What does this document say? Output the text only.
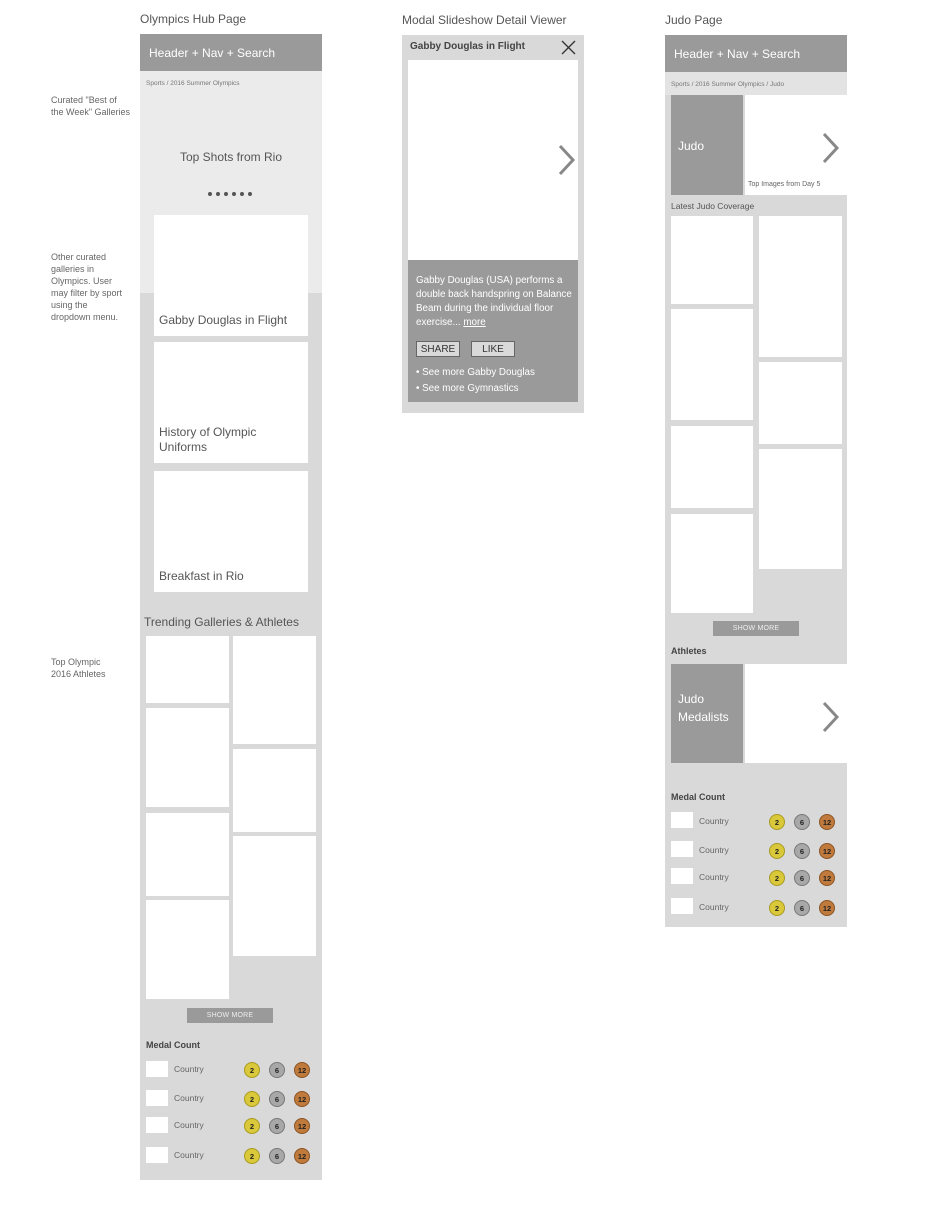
Olympics Hub Page	Modal Slideshow Detail Viewer	Judo Page
Curated "Best of
the Week" Galleries
Other curated
galleries in
Olympics. User
may filter by sport
using the
dropdown menu.
Top Olympic
2016 Athletes
Header + Nav + Search
Sports / 2016 Summer Olympics
Top Shots from Rio
Gabby Douglas in Flight
History of Olympic
Uniforms
Breakfast in Rio
Trending Galleries & Athletes
SHOW MORE
Medal Count
Country	2	6	12
Country	2	6	12
Country	2	6	12
Country	2	6	12
Gabby Douglas in Flight
Gabby Douglas (USA) performs a double back handspring on Balance Beam during the individual floor exercise... more
SHARE	LIKE
• See more Gabby Douglas
• See more Gymnastics
Header + Nav + Search
Sports / 2016 Summer Olympics / Judo
Judo
Top Images from Day 5
Latest Judo Coverage
SHOW MORE
Athletes
Judo
Medalists
Medal Count
Country	2	6	12
Country	2	6	12
Country	2	6	12
Country	2	6	12
